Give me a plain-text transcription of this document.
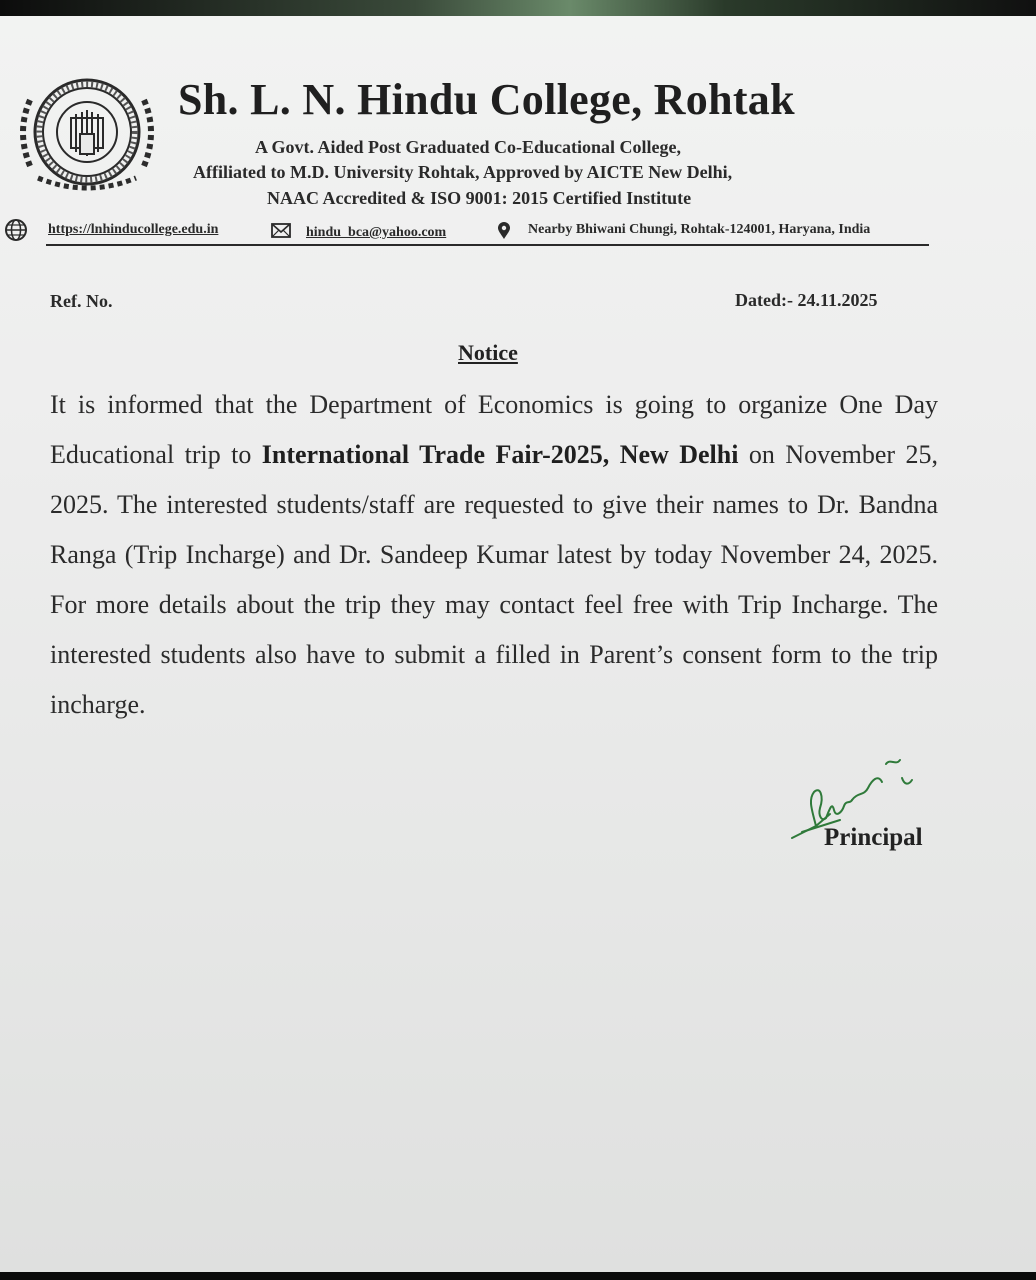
Sh. L. N. Hindu College, Rohtak
A Govt. Aided Post Graduated Co-Educational College,
Affiliated to M.D. University Rohtak, Approved by AICTE New Delhi,
NAAC Accredited & ISO 9001: 2015 Certified Institute
https://lnhinducollege.edu.in	hindu_bca@yahoo.com	Nearby Bhiwani Chungi, Rohtak-124001, Haryana, India
Ref. No.	Dated:- 24.11.2025
Notice
It is informed that the Department of Economics is going to organize One Day Educational trip to International Trade Fair-2025, New Delhi on November 25, 2025. The interested students/staff are requested to give their names to Dr. Bandna Ranga (Trip Incharge) and Dr. Sandeep Kumar latest by today November 24, 2025. For more details about the trip they may contact feel free with Trip Incharge. The interested students also have to submit a filled in Parent’s consent form to the trip incharge.
Principal
